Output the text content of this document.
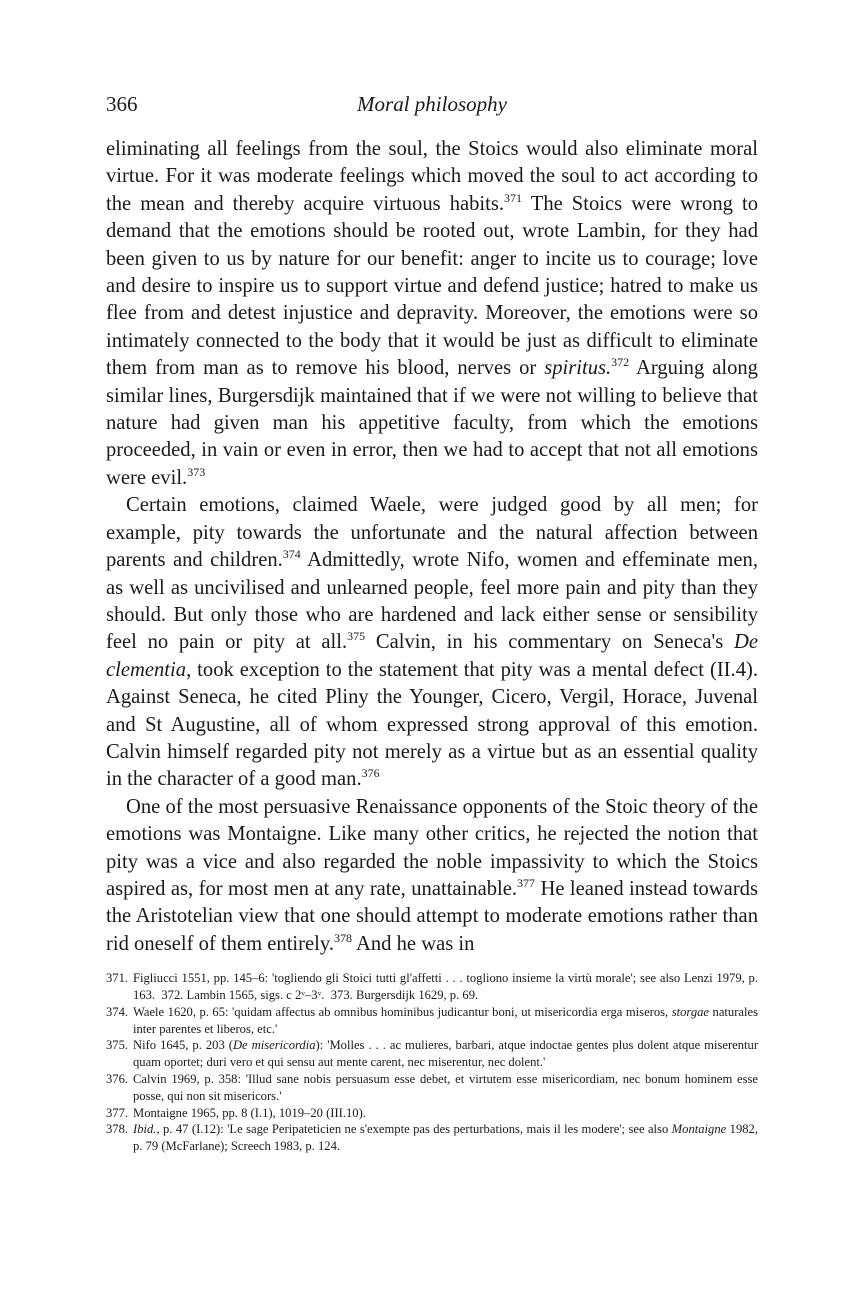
366	Moral philosophy

eliminating all feelings from the soul, the Stoics would also eliminate moral virtue. For it was moderate feelings which moved the soul to act according to the mean and thereby acquire virtuous habits.$^{371}$ The Stoics were wrong to demand that the emotions should be rooted out, wrote Lambin, for they had been given to us by nature for our benefit: anger to incite us to courage; love and desire to inspire us to support virtue and defend justice; hatred to make us flee from and detest injustice and depravity. Moreover, the emotions were so intimately connected to the body that it would be just as difficult to eliminate them from man as to remove his blood, nerves or spiritus.$^{372}$ Arguing along similar lines, Burgersdijk maintained that if we were not willing to believe that nature had given man his appetitive faculty, from which the emotions proceeded, in vain or even in error, then we had to accept that not all emotions were evil.$^{373}$

Certain emotions, claimed Waele, were judged good by all men; for example, pity towards the unfortunate and the natural affection between parents and children.$^{374}$ Admittedly, wrote Nifo, women and effeminate men, as well as uncivilised and unlearned people, feel more pain and pity than they should. But only those who are hardened and lack either sense or sensibility feel no pain or pity at all.$^{375}$ Calvin, in his commentary on Seneca's De clementia, took exception to the statement that pity was a mental defect (II.4). Against Seneca, he cited Pliny the Younger, Cicero, Vergil, Horace, Juvenal and St Augustine, all of whom expressed strong approval of this emotion. Calvin himself regarded pity not merely as a virtue but as an essential quality in the character of a good man.$^{376}$

One of the most persuasive Renaissance opponents of the Stoic theory of the emotions was Montaigne. Like many other critics, he rejected the notion that pity was a vice and also regarded the noble impassivity to which the Stoics aspired as, for most men at any rate, unattainable.$^{377}$ He leaned instead towards the Aristotelian view that one should attempt to moderate emotions rather than rid oneself of them entirely.$^{378}$ And he was in

371. Figliucci 1551, pp. 145–6: 'togliendo gli Stoici tutti gl'affetti . . . togliono insieme la virtù morale'; see also Lenzi 1979, p. 163. 372. Lambin 1565, sigs. c 2ᵛ–3ᵛ. 373. Burgersdijk 1629, p. 69.
374. Waele 1620, p. 65: 'quidam affectus ab omnibus hominibus judicantur boni, ut misericordia erga miseros, storgae naturales inter parentes et liberos, etc.'
375. Nifo 1645, p. 203 (De misericordia): 'Molles . . . ac mulieres, barbari, atque indoctae gentes plus dolent atque miserentur quam oportet; duri vero et qui sensu aut mente carent, nec miserentur, nec dolent.'
376. Calvin 1969, p. 358: 'Illud sane nobis persuasum esse debet, et virtutem esse misericordiam, nec bonum hominem esse posse, qui non sit misericors.'
377. Montaigne 1965, pp. 8 (I.1), 1019–20 (III.10).
378. Ibid., p. 47 (I.12): 'Le sage Peripateticien ne s'exempte pas des perturbations, mais il les modere'; see also Montaigne 1982, p. 79 (McFarlane); Screech 1983, p. 124.
